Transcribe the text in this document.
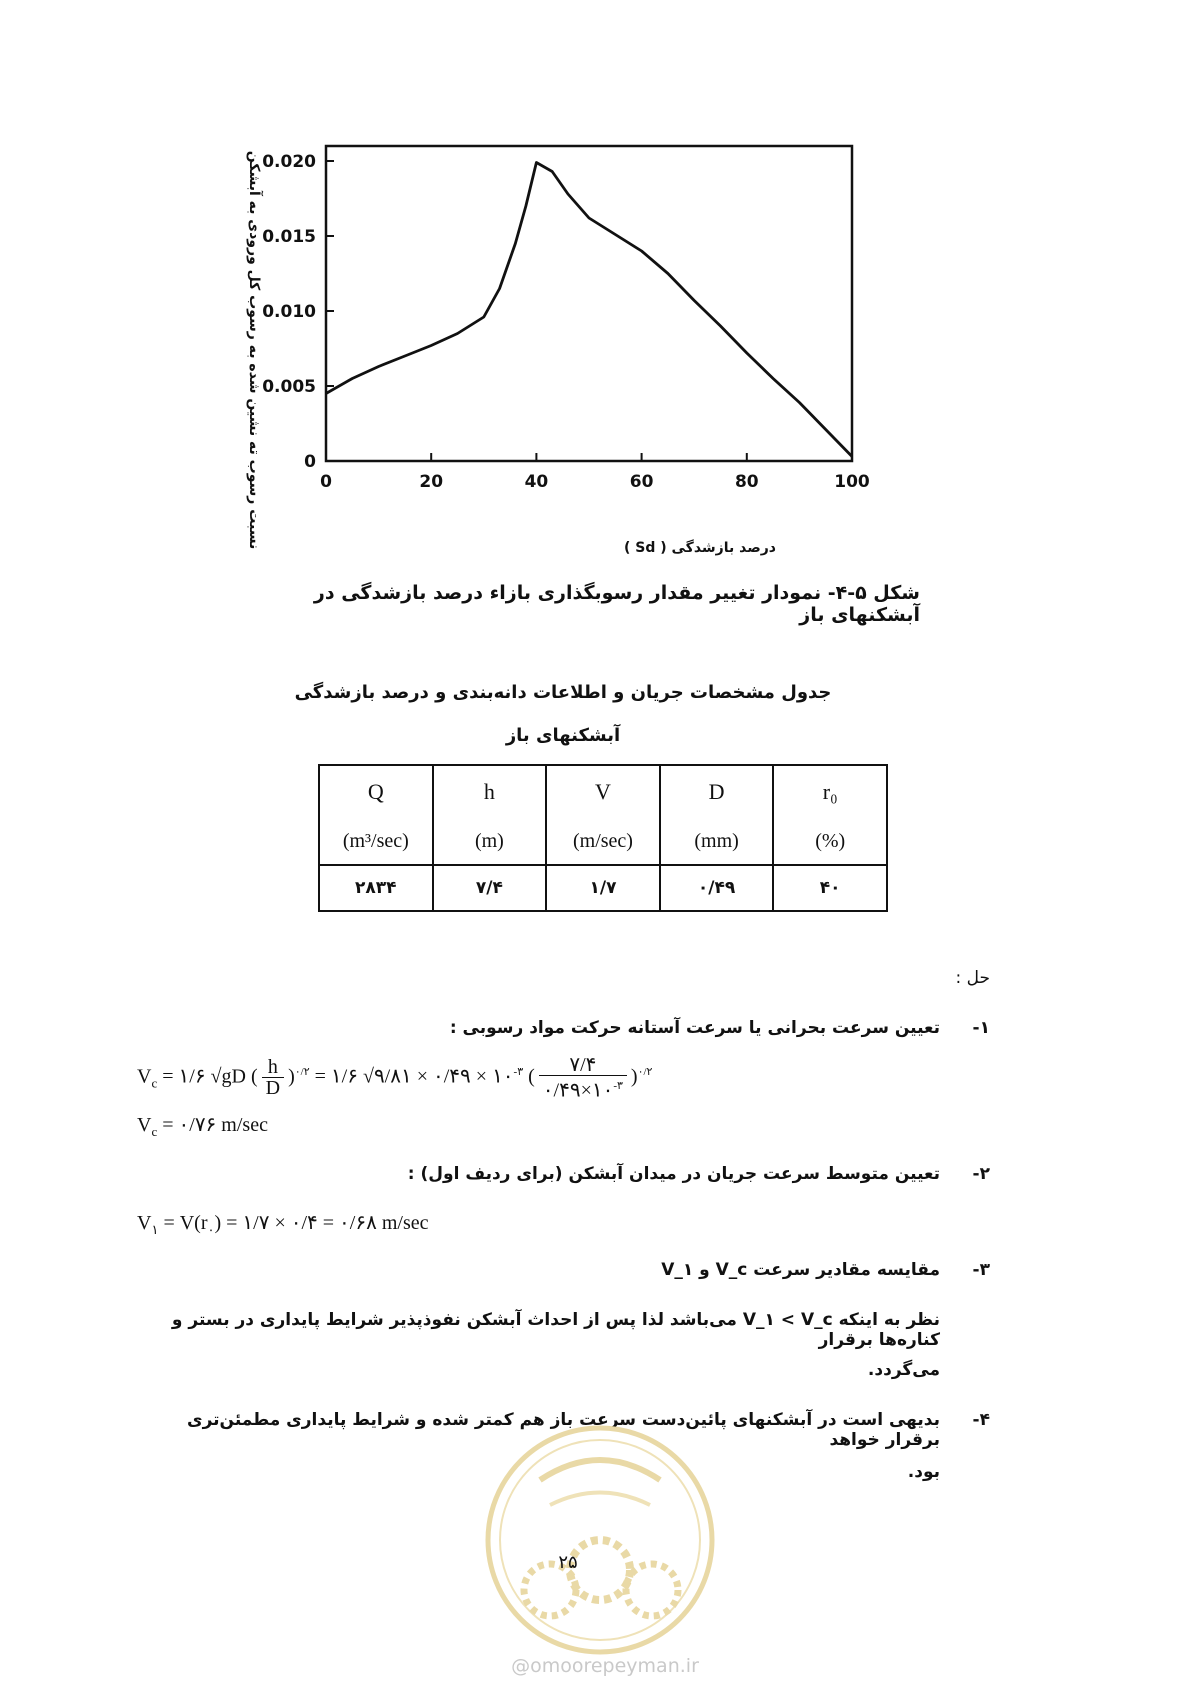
0	20	40	60	80	100
0
0.005
0.010
0.015
0.020
نسبت رسوب ته نشین شده به رسوب کل ورودی به آبشکن	درصد بازشدگی ( Sd )
شکل ۵-۴- نمودار تغییر مقدار رسوبگذاری بازاء درصد بازشدگی در آبشکنهای باز
جدول مشخصات جریان و اطلاعات دانه‌بندی و درصد بازشدگی
آبشکنهای باز
Q	h	V	D	r₀
(m³/sec)	(m)	(m/sec)	(mm)	(%)
۲۸۳۴	۷/۴	۱/۷	۰/۴۹	۴۰
حل :
۱-
تعیین سرعت بحرانی یا سرعت آستانه حرکت مواد رسوبی :
$V_c$ = ۱/۶ √gD ( $\frac{h}{D} )^{۰/۲}$ = ۱/۶ √۹/۸۱ × ۰/۴۹ × $۱۰^{-۳}$ ( $\frac{۷/۴}{۰/۴۹\times ۱۰^{-۳}} )^{۰/۲}$
$V_c$ = ۰/۷۶ m/sec
۲-
تعیین متوسط سرعت جریان در میدان آبشکن (برای ردیف اول) :
$V_۱ = V(r_۰)$ = ۱/۷ × ۰/۴ = ۰/۶۸ m/sec
۳-
مقایسه مقادیر سرعت V_c و V_۱
نظر به اینکه V_۱ < V_c می‌باشد لذا پس از احداث آبشکن نفوذپذیر شرایط پایداری در بستر و کناره‌ها برقرار
می‌گردد.
۴-
بدیهی است در آبشکنهای پائین‌دست سرعت باز هم کمتر شده و شرایط پایداری مطمئن‌تری برقرار خواهد
بود.
۲۵
@omoorepeyman.ir
